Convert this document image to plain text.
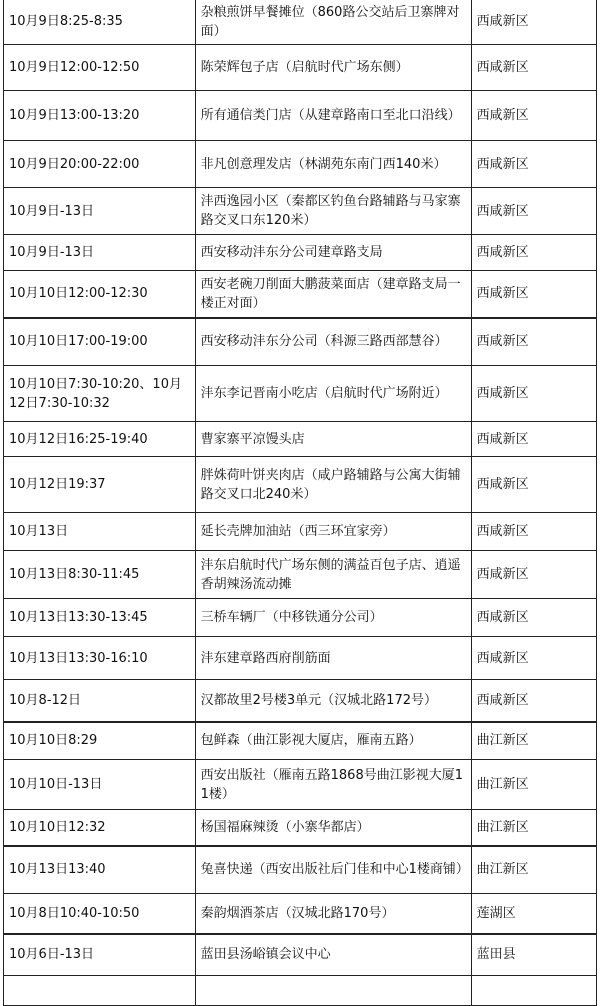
10月9日8:25-8:35	杂粮煎饼早餐摊位（860路公交站后卫寨牌对面）	西咸新区
10月9日12:00-12:50	陈荣辉包子店（启航时代广场东侧）	西咸新区
10月9日13:00-13:20	所有通信类门店（从建章路南口至北口沿线）	西咸新区
10月9日20:00-22:00	非凡创意理发店（林湖苑东南门西140米）	西咸新区
10月9日-13日	沣西逸园小区（秦都区钓鱼台路辅路与马家寨路交叉口东120米）	西咸新区
10月9日-13日	西安移动沣东分公司建章路支局	西咸新区
10月10日12:00-12:30	西安老碗刀削面大鹏菠菜面店（建章路支局一楼正对面）	西咸新区
10月10日17:00-19:00	西安移动沣东分公司（科源三路西部慧谷）	西咸新区
10月10日7:30-10:20、10月12日7:30-10:32	沣东李记晋南小吃店（启航时代广场附近）	西咸新区
10月12日16:25-19:40	曹家寨平凉馒头店	西咸新区
10月12日19:37	胖姝荷叶饼夹肉店（咸户路辅路与公寓大街辅路交叉口北240米）	西咸新区
10月13日	延长壳牌加油站（西三环宜家旁）	西咸新区
10月13日8:30-11:45	沣东启航时代广场东侧的满益百包子店、逍遥香胡辣汤流动摊	西咸新区
10月13日13:30-13:45	三桥车辆厂（中移铁通分公司）	西咸新区
10月13日13:30-16:10	沣东建章路西府削筋面	西咸新区
10月8-12日	汉都故里2号楼3单元（汉城北路172号）	西咸新区
10月10日8:29	包鲜森（曲江影视大厦店，雁南五路）	曲江新区
10月10日-13日	西安出版社（雁南五路1868号曲江影视大厦11楼）	曲江新区
10月10日12:32	杨国福麻辣烫（小寨华都店）	曲江新区
10月13日13:40	兔喜快递（西安出版社后门佳和中心1楼商铺）	曲江新区
10月8日10:40-10:50	秦韵烟酒茶店（汉城北路170号）	莲湖区
10月6日-13日	蓝田县汤峪镇会议中心	蓝田县
